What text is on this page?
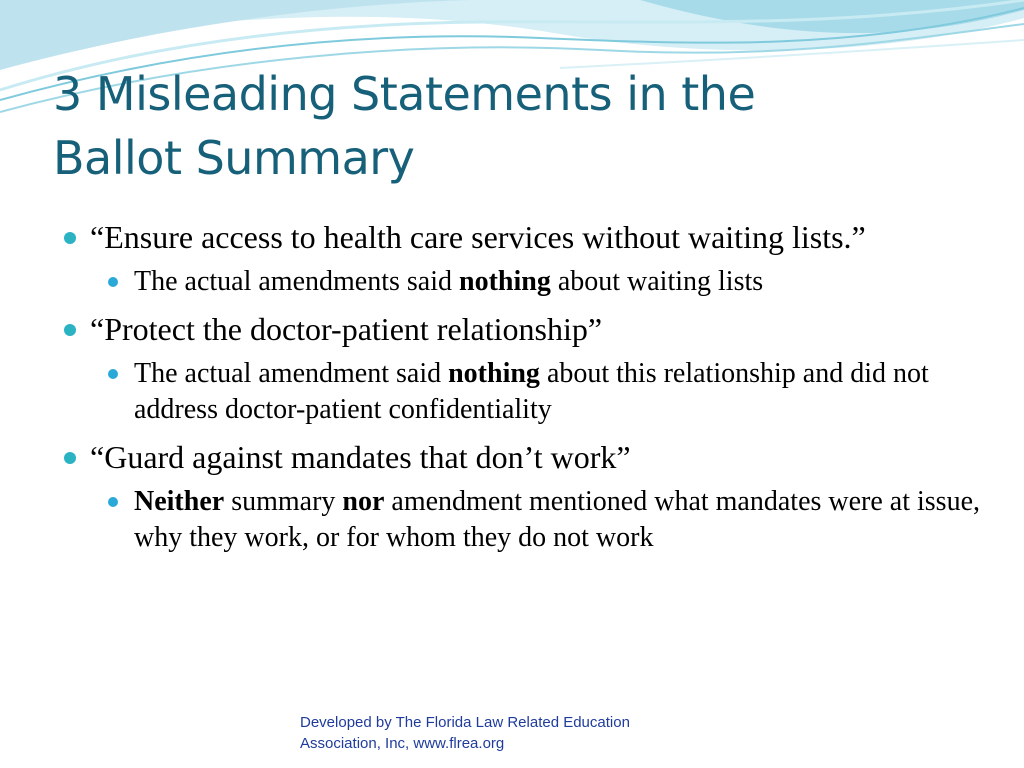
3 Misleading Statements in the
Ballot Summary
“Ensure access to health care services without waiting lists.”
The actual amendments said nothing about waiting lists
“Protect the doctor-patient relationship”
The actual amendment said nothing about this relationship and did not address doctor-patient confidentiality
“Guard against mandates that don’t work”
Neither summary nor amendment mentioned what mandates were at issue, why they work, or for whom they do not work
Developed by The Florida Law Related Education
Association, Inc, www.flrea.org
